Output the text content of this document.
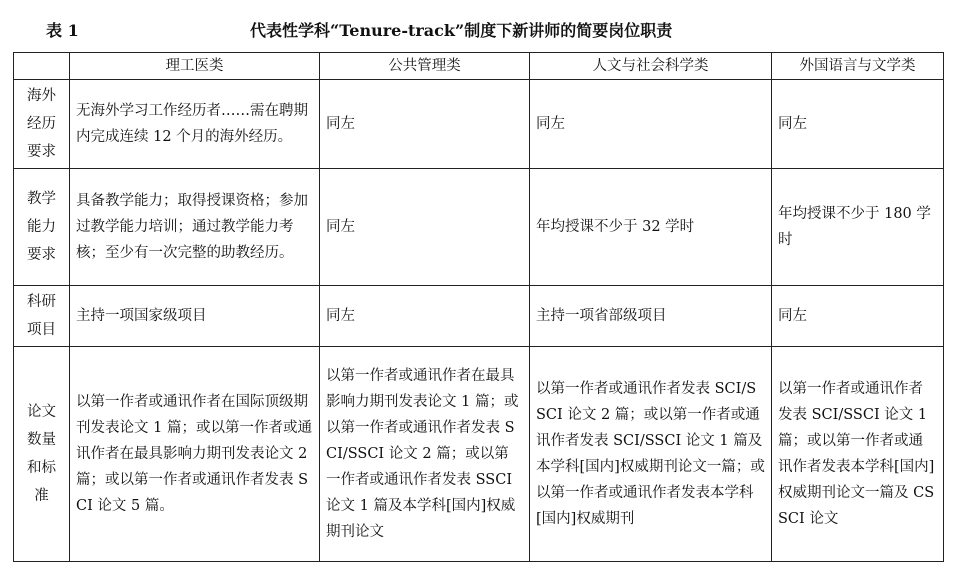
表 1	代表性学科“Tenure-track”制度下新讲师的简要岗位职责
	理工医类	公共管理类	人文与社会科学类	外国语言与文学类
海外经历要求	无海外学习工作经历者……需在聘期内完成连续 12 个月的海外经历。	同左	同左	同左
教学能力要求	具备教学能力；取得授课资格；参加过教学能力培训；通过教学能力考核；至少有一次完整的助教经历。	同左	年均授课不少于 32 学时	年均授课不少于 180 学时
科研项目	主持一项国家级项目	同左	主持一项省部级项目	同左
论文数量和标准	以第一作者或通讯作者在国际顶级期刊发表论文 1 篇；或以第一作者或通讯作者在最具影响力期刊发表论文 2 篇；或以第一作者或通讯作者发表 SCI 论文 5 篇。	以第一作者或通讯作者在最具影响力期刊发表论文 1 篇；或以第一作者或通讯作者发表 SCI/SSCI 论文 2 篇；或以第一作者或通讯作者发表 SSCI 论文 1 篇及本学科[国内]权威期刊论文	以第一作者或通讯作者发表 SCI/SSCI 论文 2 篇；或以第一作者或通讯作者发表 SCI/SSCI 论文 1 篇及本学科[国内]权威期刊论文一篇；或以第一作者或通讯作者发表本学科[国内]权威期刊	以第一作者或通讯作者发表 SCI/SSCI 论文 1 篇；或以第一作者或通讯作者发表本学科[国内]权威期刊论文一篇及 CSSCI 论文
